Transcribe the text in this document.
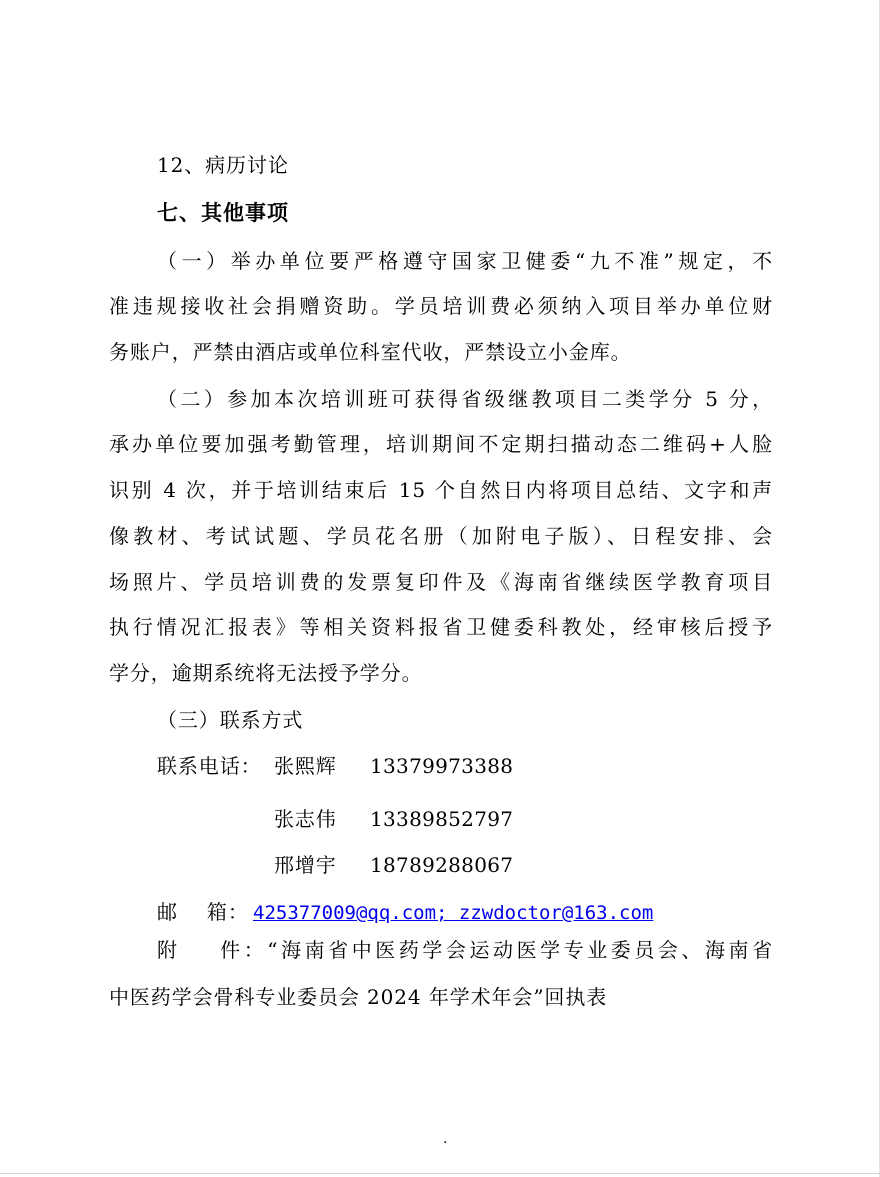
12、病历讨论
七、其他事项
（一）举办单位要严格遵守国家卫健委“九不准”规定，不
准违规接收社会捐赠资助。学员培训费必须纳入项目举办单位财
务账户，严禁由酒店或单位科室代收，严禁设立小金库。
（二）参加本次培训班可获得省级继教项目二类学分 5 分，
承办单位要加强考勤管理，培训期间不定期扫描动态二维码+人脸
识别 4 次，并于培训结束后 15 个自然日内将项目总结、文字和声
像教材、考试试题、学员花名册（加附电子版）、日程安排、会
场照片、学员培训费的发票复印件及《海南省继续医学教育项目
执行情况汇报表》等相关资料报省卫健委科教处，经审核后授予
学分，逾期系统将无法授予学分。
（三）联系方式
联系电话： 张熙辉 13379973388
张志伟 13389852797
邢增宇 18789288067
邮    箱： 425377009@qq.com; zzwdoctor@163.com
附    件：“海南省中医药学会运动医学专业委员会、海南省
中医药学会骨科专业委员会 2024 年学术年会”回执表
.
